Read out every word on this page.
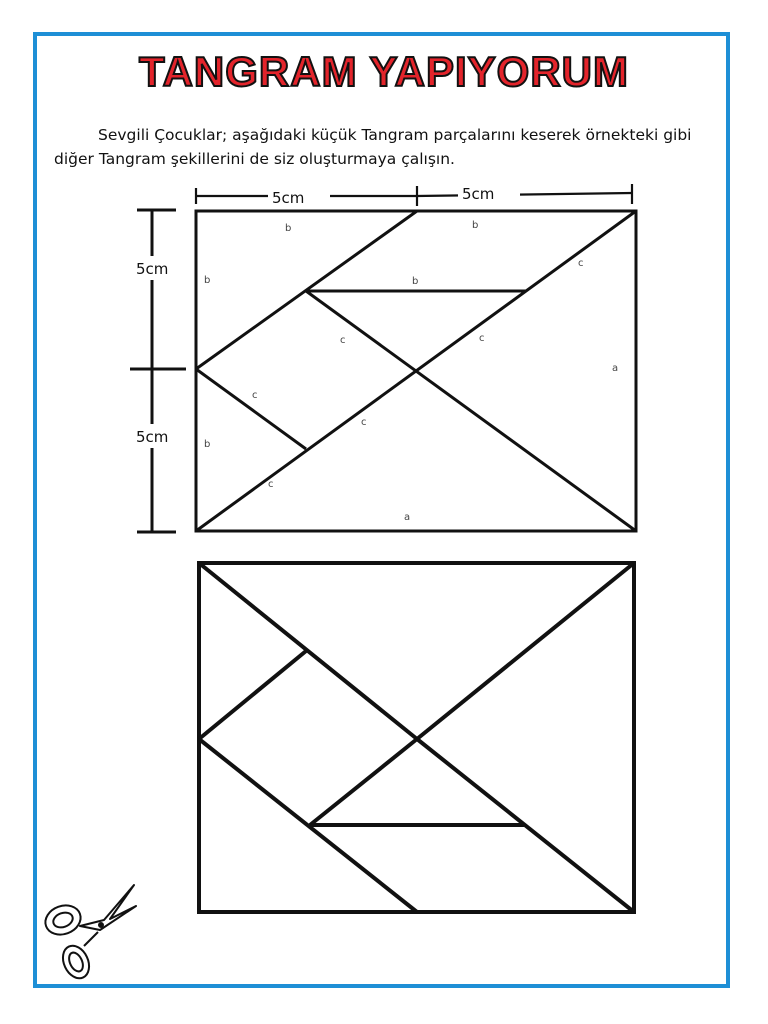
TANGRAM YAPIYORUM

Sevgili Çocuklar; aşağıdaki küçük Tangram parçalarını keserek örnekteki gibi diğer Tangram şekillerini de siz oluşturmaya çalışın.

5cm	5cm
5cm
5cm
b	b
b	b
b
c
c	c
c
c
c
a
a
